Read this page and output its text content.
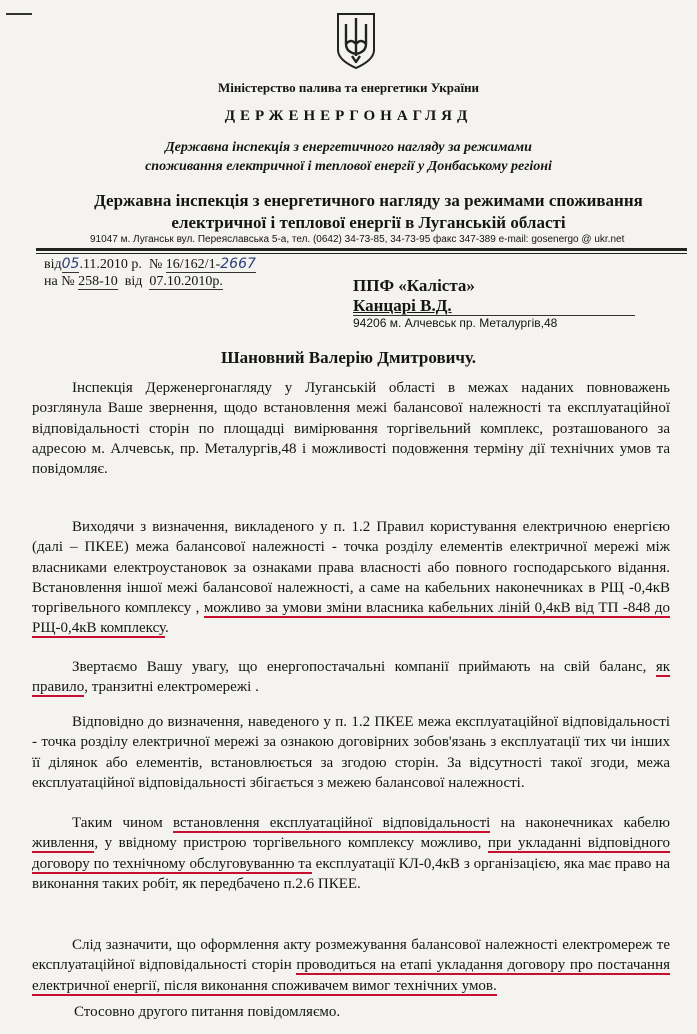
Міністерство палива та енергетики України
ДЕРЖЕНЕРГОНАГЛЯД
Державна інспекція з енергетичного нагляду за режимами
споживання електричної і теплової енергії у Донбаському регіоні
Державна інспекція з енергетичного нагляду за режимами споживання
електричної і теплової енергії в Луганській області
91047 м. Луганськ вул. Переяславська 5-а, тел. (0642) 34-73-85, 34-73-95 факс 347-389 e-mail: gosenergo @ ukr.net
від05.11.2010 р. № 16/162/1-2667
на № 258-10 від 07.10.2010р.	ППФ «Каліста»
Канцарі В.Д.
94206 м. Алчевськ пр. Металургів,48
Шановний Валерію Дмитровичу.
Інспекція Держенергонагляду у Луганській області в межах наданих повноважень розглянула Ваше звернення, щодо встановлення межі балансової належності та експлуатаційної відповідальності сторін по площадці вимірювання торгівельний комплекс, розташованого за адресою м. Алчевськ, пр. Металургів,48 і можливості подовження терміну дії технічних умов та повідомляє.
Виходячи з визначення, викладеного у п. 1.2 Правил користування електричною енергією (далі – ПКЕЕ) межа балансової належності - точка розділу елементів електричної мережі між власниками електроустановок за ознаками права власності або повного господарського відання. Встановлення іншої межі балансової належності, а саме на кабельних наконечниках в РЩ -0,4кВ торгівельного комплексу , можливо за умови зміни власника кабельних ліній 0,4кВ від ТП -848 до РЩ-0,4кВ комплексу.
Звертаємо Вашу увагу, що енергопостачальні компанії приймають на свій баланс, як правило, транзитні електромережі .
Відповідно до визначення, наведеного у п. 1.2 ПКЕЕ межа експлуатаційної відповідальності - точка розділу електричної мережі за ознакою договірних зобов'язань з експлуатації тих чи інших її ділянок або елементів, встановлюється за згодою сторін. За відсутності такої згоди, межа експлуатаційної відповідальності збігається з межею балансової належності.
Таким чином встановлення експлуатаційної відповідальності на наконечниках кабелю живлення, у ввідному пристрою торгівельного комплексу можливо, при укладанні відповідного договору по технічному обслуговуванню та експлуатації КЛ-0,4кВ з організацією, яка має право на виконання таких робіт, як передбачено п.2.6 ПКЕЕ.
Слід зазначити, що оформлення акту розмежування балансової належності електромереж те експлуатаційної відповідальності сторін проводиться на етапі укладання договору про постачання електричної енергії, після виконання споживачем вимог технічних умов.
Стосовно другого питання повідомляємо.
